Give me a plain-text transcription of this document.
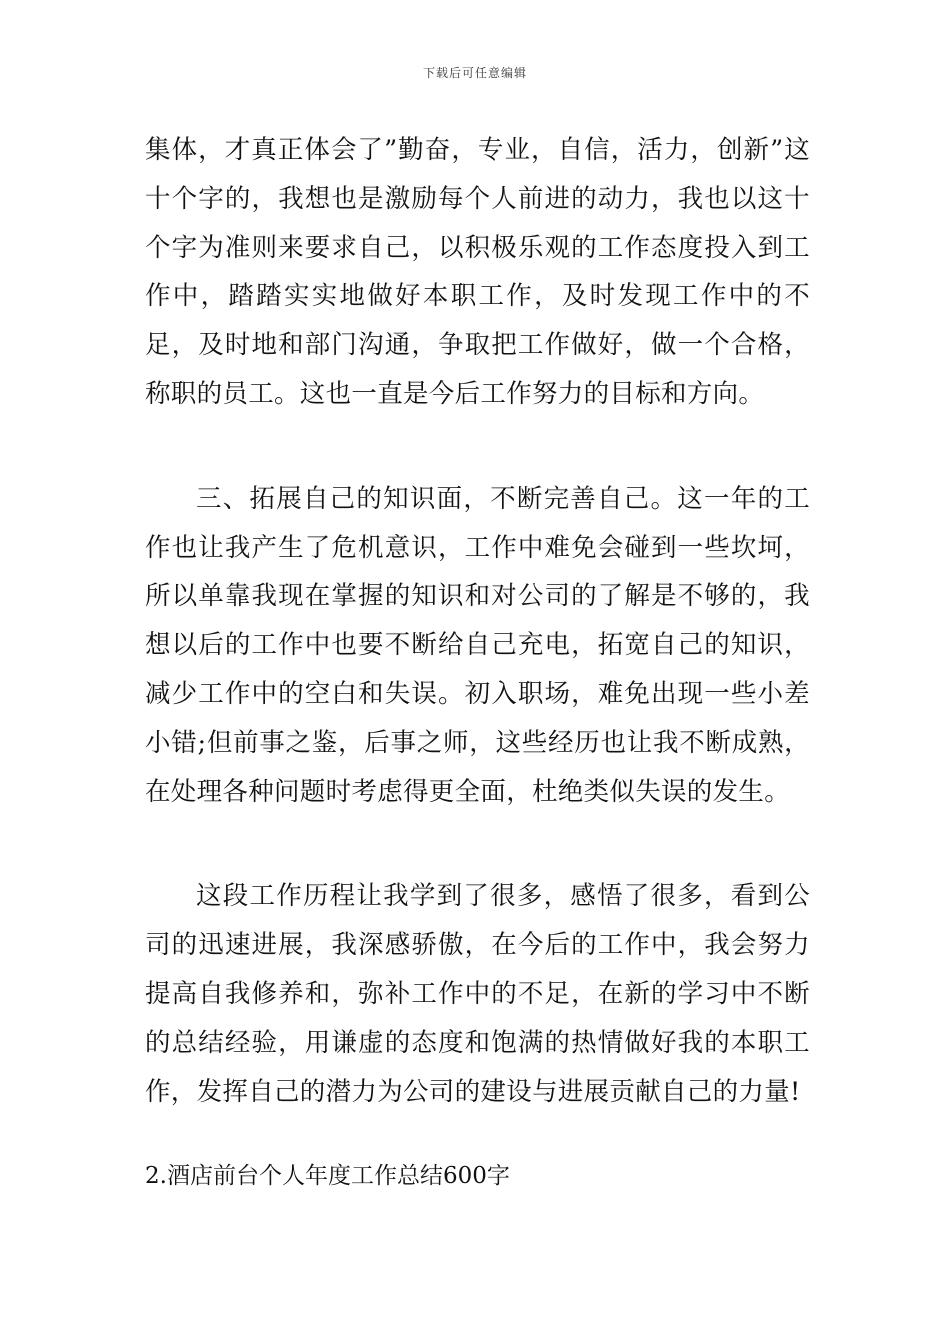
下载后可任意编辑

集体，才真正体会了”勤奋，专业，自信，活力，创新”这十个字的，我想也是激励每个人前进的动力，我也以这十个字为准则来要求自己，以积极乐观的工作态度投入到工作中，踏踏实实地做好本职工作，及时发现工作中的不足，及时地和部门沟通，争取把工作做好，做一个合格，称职的员工。这也一直是今后工作努力的目标和方向。

三、拓展自己的知识面，不断完善自己。这一年的工作也让我产生了危机意识，工作中难免会碰到一些坎坷，所以单靠我现在掌握的知识和对公司的了解是不够的，我想以后的工作中也要不断给自己充电，拓宽自己的知识，减少工作中的空白和失误。初入职场，难免出现一些小差小错;但前事之鉴，后事之师，这些经历也让我不断成熟，在处理各种问题时考虑得更全面，杜绝类似失误的发生。

这段工作历程让我学到了很多，感悟了很多，看到公司的迅速进展，我深感骄傲，在今后的工作中，我会努力提高自我修养和，弥补工作中的不足，在新的学习中不断的总结经验，用谦虚的态度和饱满的热情做好我的本职工作，发挥自己的潜力为公司的建设与进展贡献自己的力量!

2.酒店前台个人年度工作总结600字
